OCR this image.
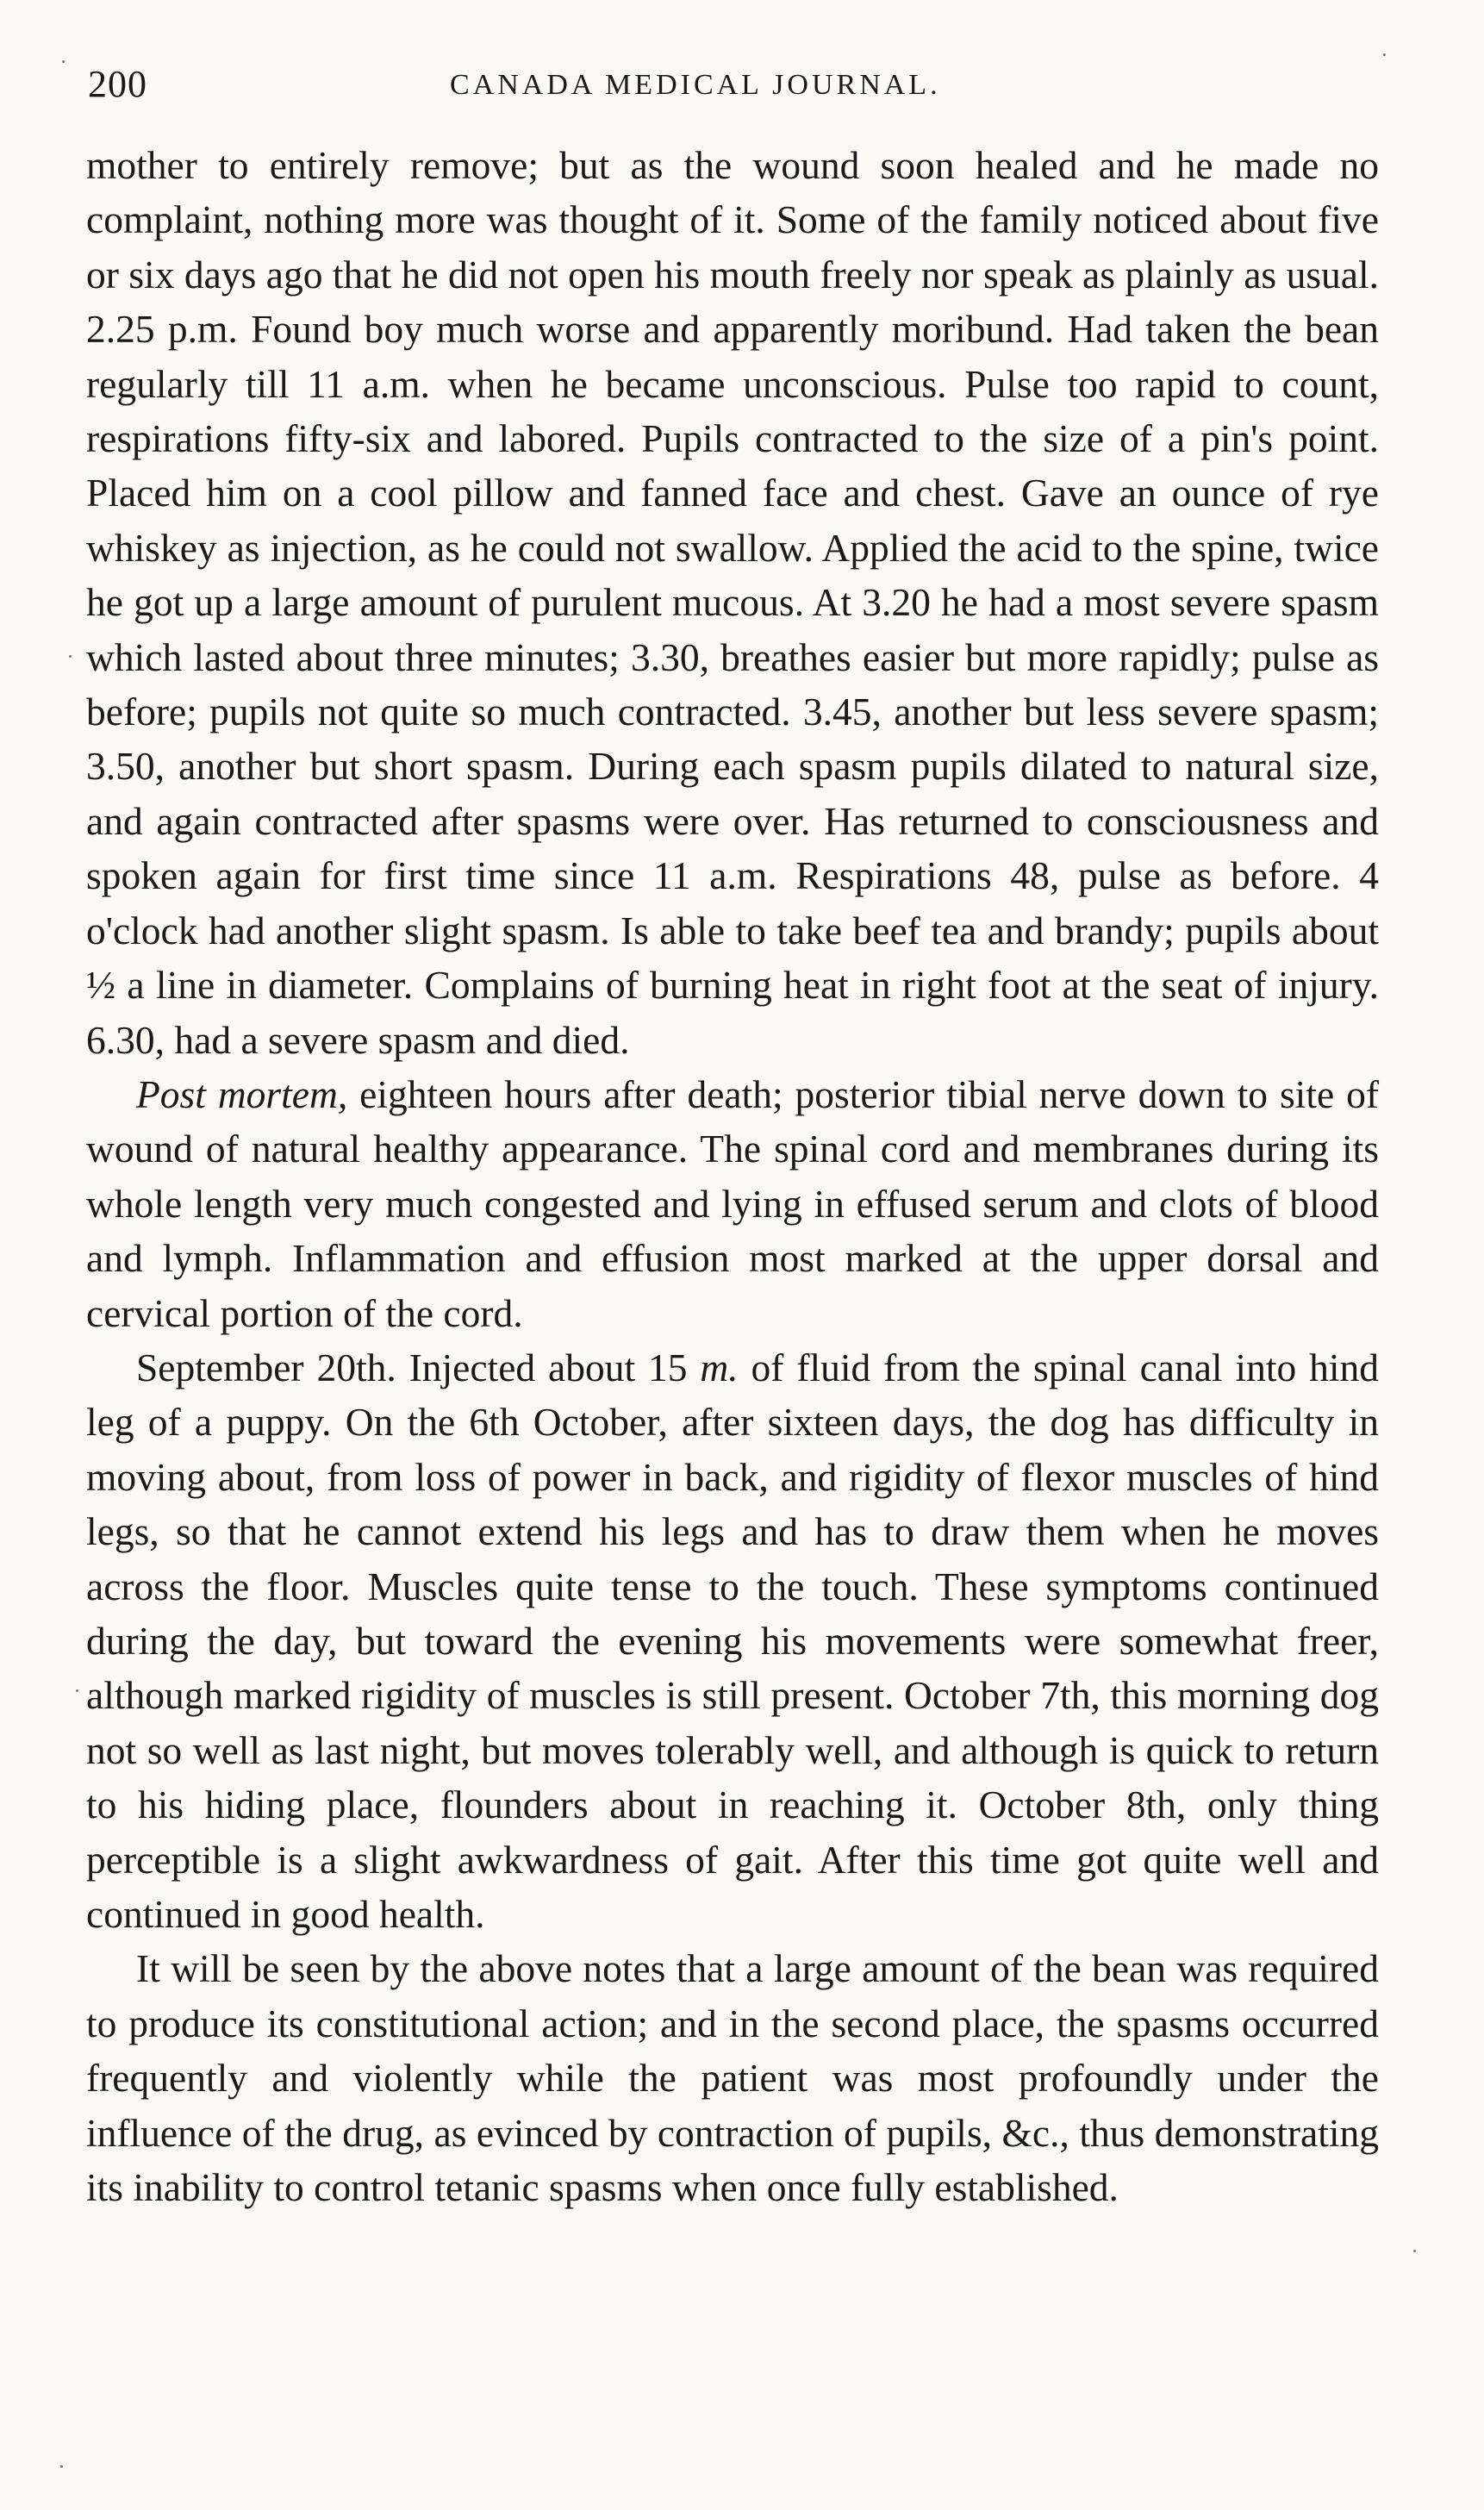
200	CANADA MEDICAL JOURNAL.

mother to entirely remove; but as the wound soon healed and he made no complaint, nothing more was thought of it. Some of the family noticed about five or six days ago that he did not open his mouth freely nor speak as plainly as usual. 2.25 p.m. Found boy much worse and apparently moribund. Had taken the bean regularly till 11 a.m. when he became unconscious. Pulse too rapid to count, respirations fifty-six and labored. Pupils contracted to the size of a pin's point. Placed him on a cool pillow and fanned face and chest. Gave an ounce of rye whiskey as injection, as he could not swallow. Applied the acid to the spine, twice he got up a large amount of purulent mucous. At 3.20 he had a most severe spasm which lasted about three minutes; 3.30, breathes easier but more rapidly; pulse as before; pupils not quite so much contracted. 3.45, another but less severe spasm; 3.50, another but short spasm. During each spasm pupils dilated to natural size, and again contracted after spasms were over. Has returned to consciousness and spoken again for first time since 11 a.m. Respirations 48, pulse as before. 4 o'clock had another slight spasm. Is able to take beef tea and brandy; pupils about ½ a line in diameter. Complains of burning heat in right foot at the seat of injury. 6.30, had a severe spasm and died.

Post mortem, eighteen hours after death; posterior tibial nerve down to site of wound of natural healthy appearance. The spinal cord and membranes during its whole length very much congested and lying in effused serum and clots of blood and lymph. Inflammation and effusion most marked at the upper dorsal and cervical portion of the cord.

September 20th. Injected about 15 m. of fluid from the spinal canal into hind leg of a puppy. On the 6th October, after sixteen days, the dog has difficulty in moving about, from loss of power in back, and rigidity of flexor muscles of hind legs, so that he cannot extend his legs and has to draw them when he moves across the floor. Muscles quite tense to the touch. These symptoms continued during the day, but toward the evening his movements were somewhat freer, although marked rigidity of muscles is still present. October 7th, this morning dog not so well as last night, but moves tolerably well, and although is quick to return to his hiding place, flounders about in reaching it. October 8th, only thing perceptible is a slight awkwardness of gait. After this time got quite well and continued in good health.

It will be seen by the above notes that a large amount of the bean was required to produce its constitutional action; and in the second place, the spasms occurred frequently and violently while the patient was most profoundly under the influence of the drug, as evinced by contraction of pupils, &c., thus demonstrating its inability to control tetanic spasms when once fully established.
